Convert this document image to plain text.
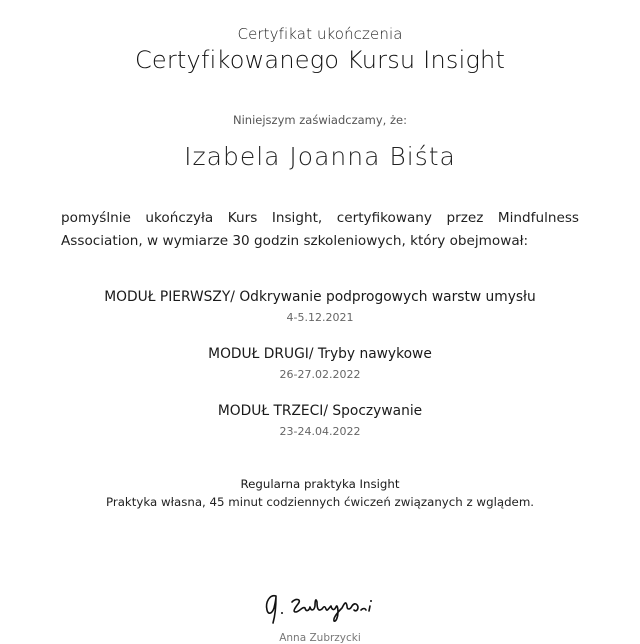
Certyfikat ukończenia
Certyfikowanego Kursu Insight
Niniejszym zaświadczamy, że:
Izabela Joanna Biśta
pomyślnie ukończyła Kurs Insight, certyfikowany przez Mindfulness Association, w wymiarze 30 godzin szkoleniowych, który obejmował:
MODUŁ PIERWSZY/ Odkrywanie podprogowych warstw umysłu
4-5.12.2021
MODUŁ DRUGI/ Tryby nawykowe
26-27.02.2022
MODUŁ TRZECI/ Spoczywanie
23-24.04.2022
Regularna praktyka Insight
Praktyka własna, 45 minut codziennych ćwiczeń związanych z wglądem.
Anna Zubrzycki
